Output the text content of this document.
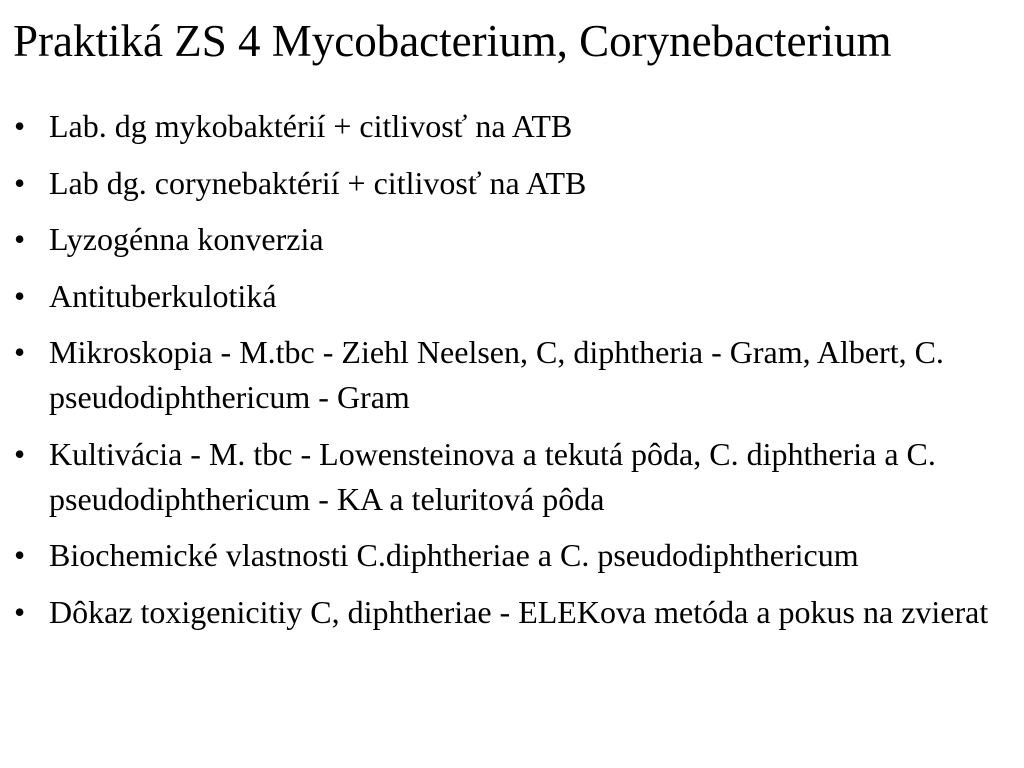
Praktiká ZS 4 Mycobacterium, Corynebacterium
• Lab. dg mykobaktérií + citlivosť na ATB
• Lab dg. corynebaktérií + citlivosť na ATB
• Lyzogénna konverzia
• Antituberkulotiká
• Mikroskopia - M.tbc - Ziehl Neelsen, C, diphtheria - Gram, Albert, C. pseudodiphthericum - Gram
• Kultivácia - M. tbc - Lowensteinova a tekutá pôda, C. diphtheria a C. pseudodiphthericum - KA a teluritová pôda
• Biochemické vlastnosti C.diphtheriae a C. pseudodiphthericum
• Dôkaz toxigenicitiy C, diphtheriae - ELEKova metóda a pokus na zvierat
